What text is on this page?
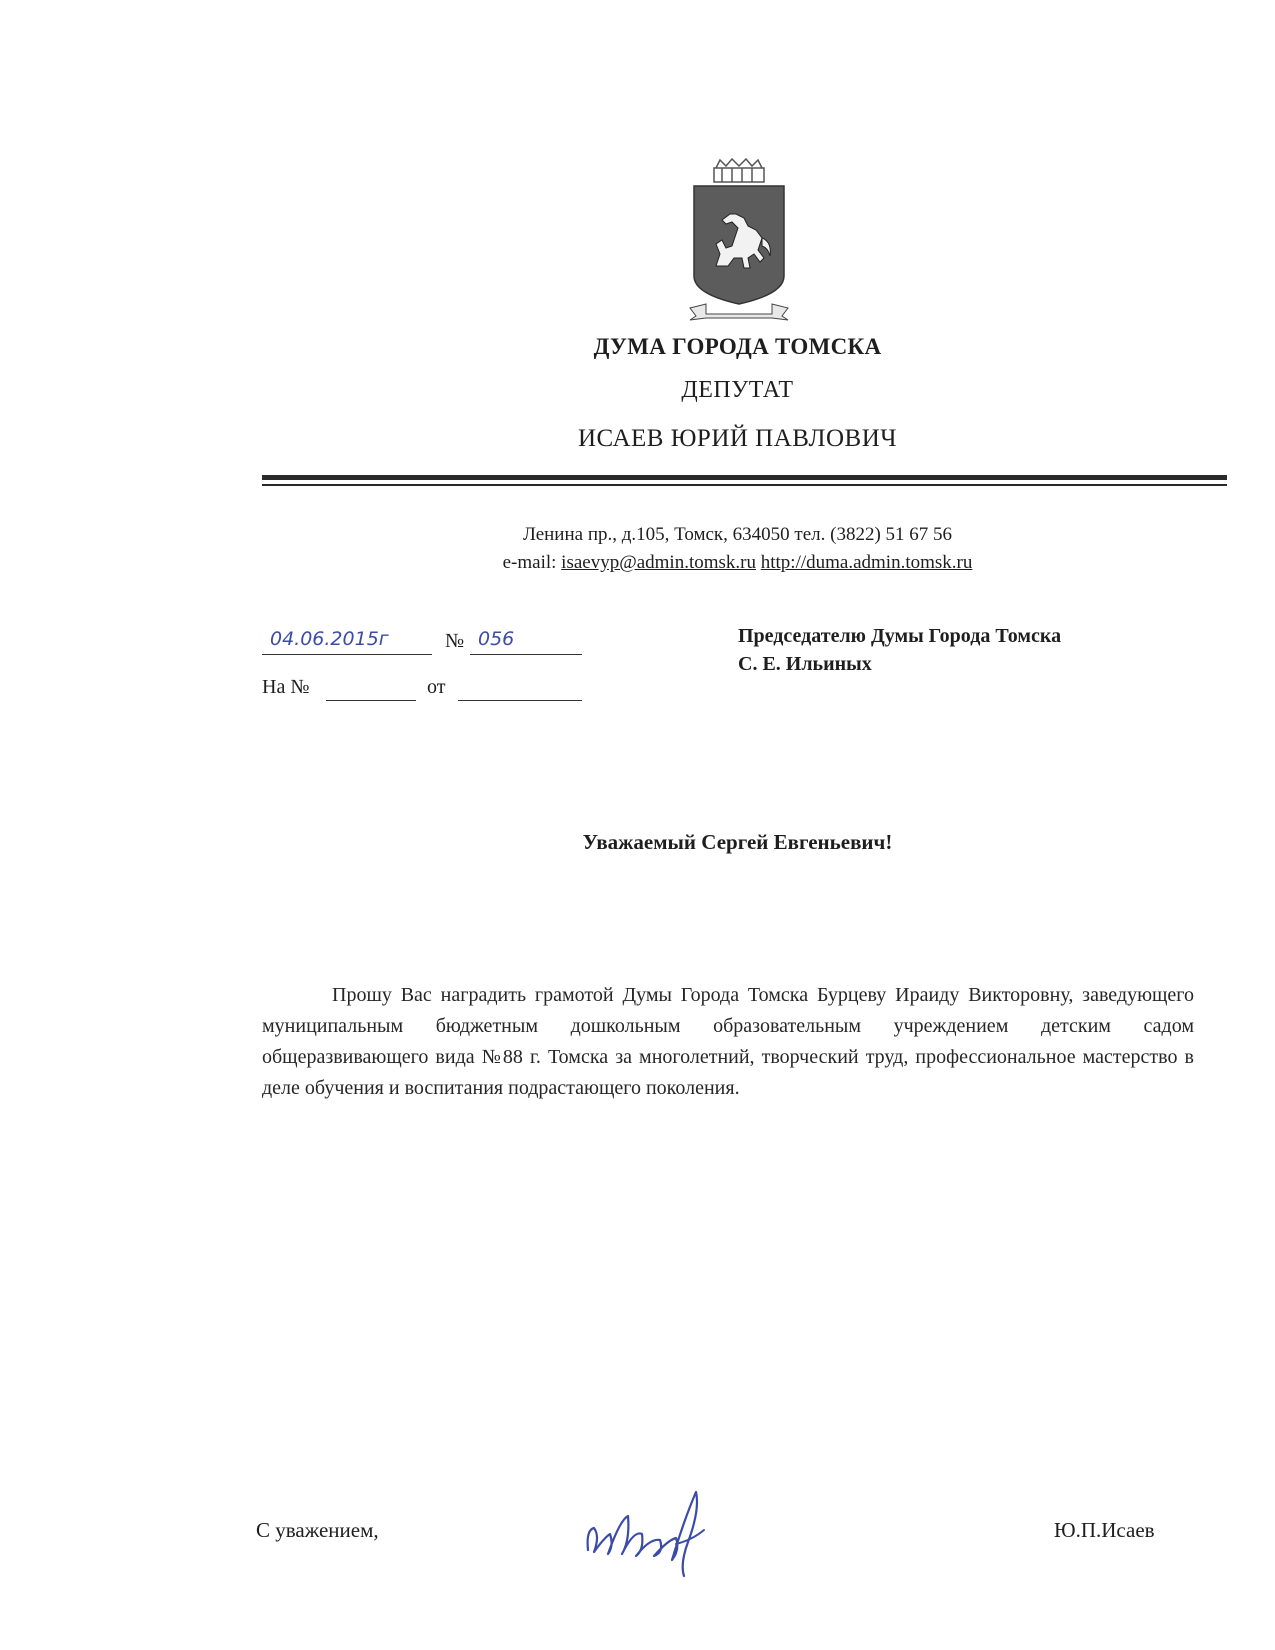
ДУМА ГОРОДА ТОМСКА
ДЕПУТАТ
ИСАЕВ ЮРИЙ ПАВЛОВИЧ
Ленина пр., д.105, Томск, 634050 тел. (3822) 51 67 56
e-mail: isaevyp@admin.tomsk.ru http://duma.admin.tomsk.ru
04.06.2015г	№ 056
На №	от
Председателю Думы Города Томска
С. Е. Ильиных
Уважаемый Сергей Евгеньевич!
Прошу Вас наградить грамотой Думы Города Томска Бурцеву Ираиду Викторовну, заведующего муниципальным бюджетным дошкольным образовательным учреждением детским садом общеразвивающего вида №88 г. Томска за многолетний, творческий труд, профессиональное мастерство в деле обучения и воспитания подрастающего поколения.
С уважением,	Ю.П.Исаев
